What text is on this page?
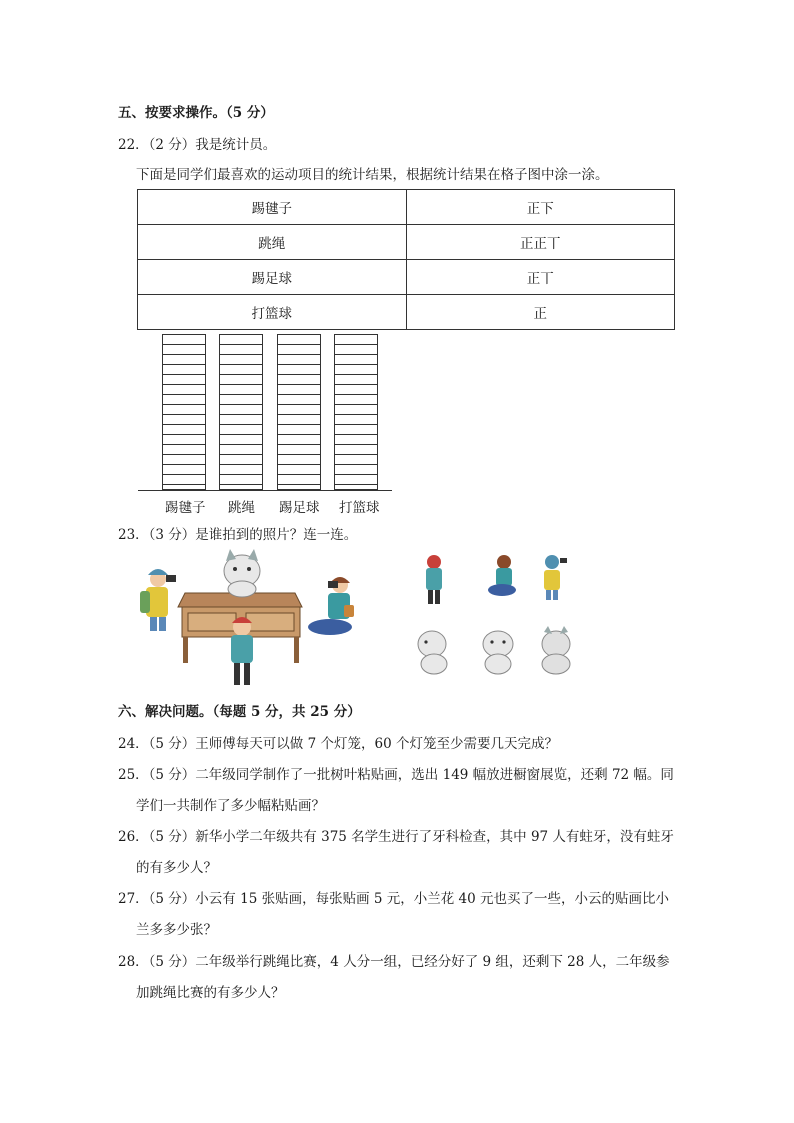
五、按要求操作。（5 分）
22．（2 分）我是统计员。
下面是同学们最喜欢的运动项目的统计结果，根据统计结果在格子图中涂一涂。
踢毽子	正下
跳绳	正正丅
踢足球	正丅
打篮球	正
踢毽子 跳绳 踢足球 打篮球
23．（3 分）是谁拍到的照片？连一连。
六、解决问题。（每题 5 分，共 25 分）
24．（5 分）王师傅每天可以做 7 个灯笼，60 个灯笼至少需要几天完成？
25．（5 分）二年级同学制作了一批树叶粘贴画，选出 149 幅放进橱窗展览，还剩 72 幅。同
学们一共制作了多少幅粘贴画？
26．（5 分）新华小学二年级共有 375 名学生进行了牙科检查，其中 97 人有蛀牙，没有蛀牙
的有多少人？
27．（5 分）小云有 15 张贴画，每张贴画 5 元，小兰花 40 元也买了一些，小云的贴画比小
兰多多少张？
28．（5 分）二年级举行跳绳比赛，4 人分一组，已经分好了 9 组，还剩下 28 人，二年级参
加跳绳比赛的有多少人？
